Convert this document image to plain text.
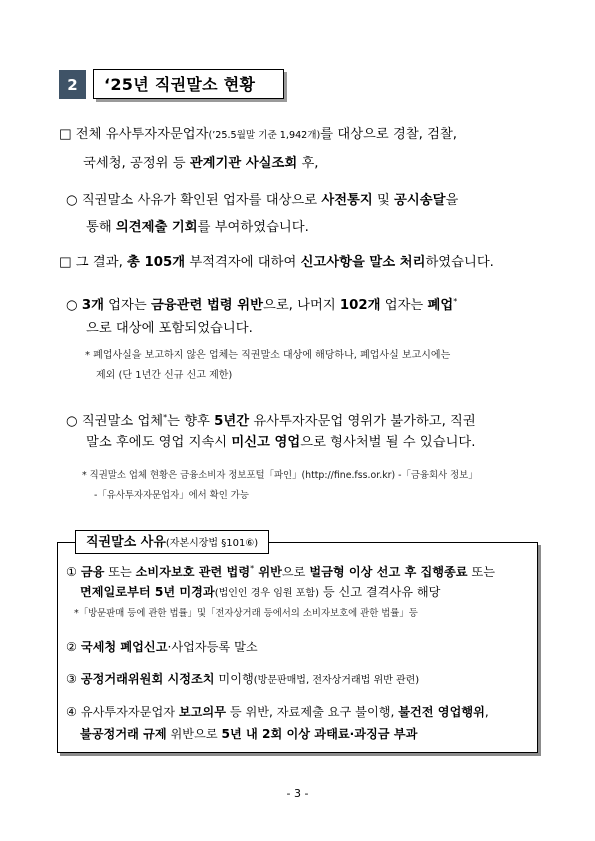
2	‘25년 직권말소 현황
□ 전체 유사투자자문업자(’25.5월말 기준 1,942개)를 대상으로 경찰, 검찰,
국세청, 공정위 등 관계기관 사실조회 후,
○ 직권말소 사유가 확인된 업자를 대상으로 사전통지 및 공시송달을
통해 의견제출 기회를 부여하였습니다.
□ 그 결과, 총 105개 부적격자에 대하여 신고사항을 말소 처리하였습니다.
○ 3개 업자는 금융관련 법령 위반으로, 나머지 102개 업자는 폐업*
으로 대상에 포함되었습니다.
* 폐업사실을 보고하지 않은 업체는 직권말소 대상에 해당하나, 폐업사실 보고시에는
제외 (단 1년간 신규 신고 제한)
○ 직권말소 업체*는 향후 5년간 유사투자자문업 영위가 불가하고, 직권
말소 후에도 영업 지속시 미신고 영업으로 형사처벌 될 수 있습니다.
* 직권말소 업체 현황은 금융소비자 정보포털「파인」(http://fine.fss.or.kr) -「금융회사 정보」
-「유사투자자문업자」에서 확인 가능
직권말소 사유(자본시장법 §101⑥)
① 금융 또는 소비자보호 관련 법령* 위반으로 벌금형 이상 선고 후 집행종료 또는
면제일로부터 5년 미경과(법인인 경우 임원 포함) 등 신고 결격사유 해당
*「방문판매 등에 관한 법률」및「전자상거래 등에서의 소비자보호에 관한 법률」등
② 국세청 폐업신고·사업자등록 말소
③ 공정거래위원회 시정조치 미이행(방문판매법, 전자상거래법 위반 관련)
④ 유사투자자문업자 보고의무 등 위반, 자료제출 요구 불이행, 불건전 영업행위,
불공정거래 규제 위반으로 5년 내 2회 이상 과태료·과징금 부과
- 3 -
